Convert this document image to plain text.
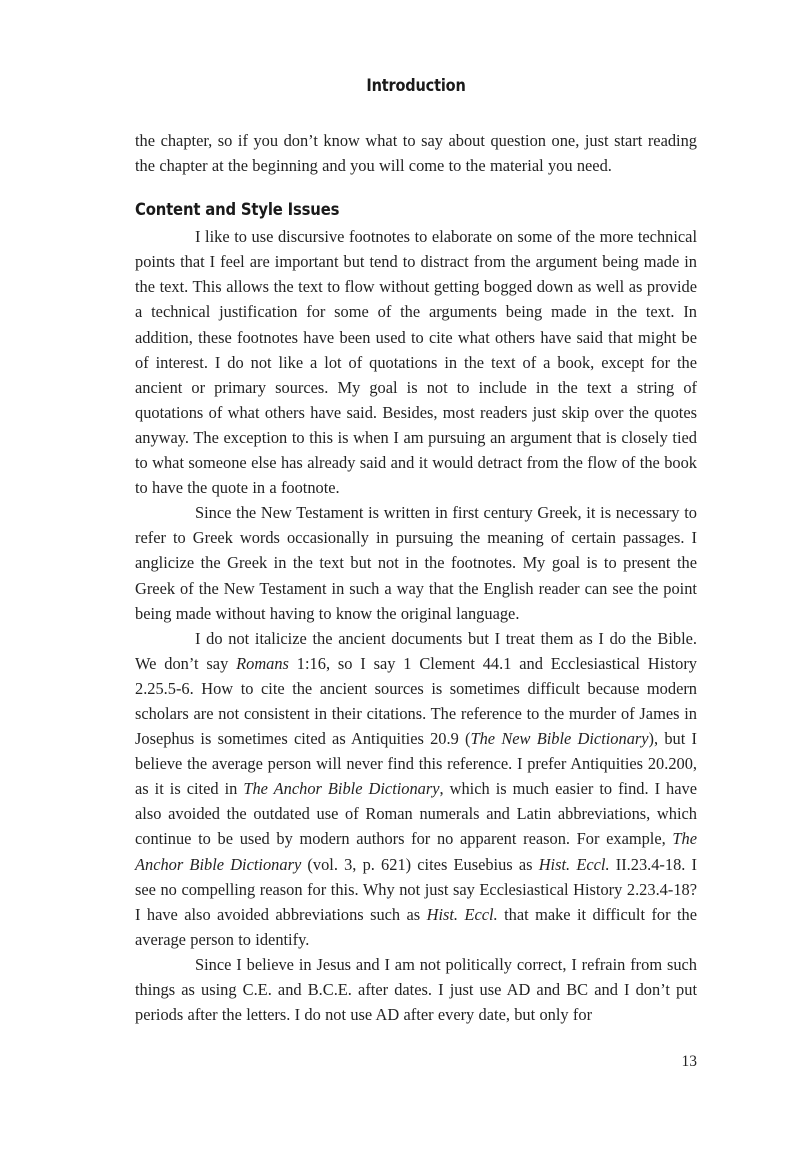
Introduction

the chapter, so if you don’t know what to say about question one, just start reading the chapter at the beginning and you will come to the material you need.

Content and Style Issues

I like to use discursive footnotes to elaborate on some of the more technical points that I feel are important but tend to distract from the argument being made in the text. This allows the text to flow without getting bogged down as well as provide a technical justification for some of the arguments being made in the text. In addition, these footnotes have been used to cite what others have said that might be of interest. I do not like a lot of quotations in the text of a book, except for the ancient or primary sources. My goal is not to include in the text a string of quotations of what others have said. Besides, most readers just skip over the quotes anyway. The exception to this is when I am pursuing an argument that is closely tied to what someone else has already said and it would detract from the flow of the book to have the quote in a footnote.

Since the New Testament is written in first century Greek, it is necessary to refer to Greek words occasionally in pursuing the meaning of certain passages. I anglicize the Greek in the text but not in the footnotes. My goal is to present the Greek of the New Testament in such a way that the English reader can see the point being made without having to know the original language.

I do not italicize the ancient documents but I treat them as I do the Bible. We don’t say Romans 1:16, so I say 1 Clement 44.1 and Ecclesiastical History 2.25.5-6. How to cite the ancient sources is sometimes difficult because modern scholars are not consistent in their citations. The reference to the murder of James in Josephus is sometimes cited as Antiquities 20.9 (The New Bible Dictionary), but I believe the average person will never find this reference. I prefer Antiquities 20.200, as it is cited in The Anchor Bible Dictionary, which is much easier to find. I have also avoided the outdated use of Roman numerals and Latin abbreviations, which continue to be used by modern authors for no apparent reason. For example, The Anchor Bible Dictionary (vol. 3, p. 621) cites Eusebius as Hist. Eccl. II.23.4-18. I see no compelling reason for this. Why not just say Ecclesiastical History 2.23.4-18? I have also avoided abbreviations such as Hist. Eccl. that make it difficult for the average person to identify.

Since I believe in Jesus and I am not politically correct, I refrain from such things as using C.E. and B.C.E. after dates. I just use AD and BC and I don’t put periods after the letters. I do not use AD after every date, but only for

13
